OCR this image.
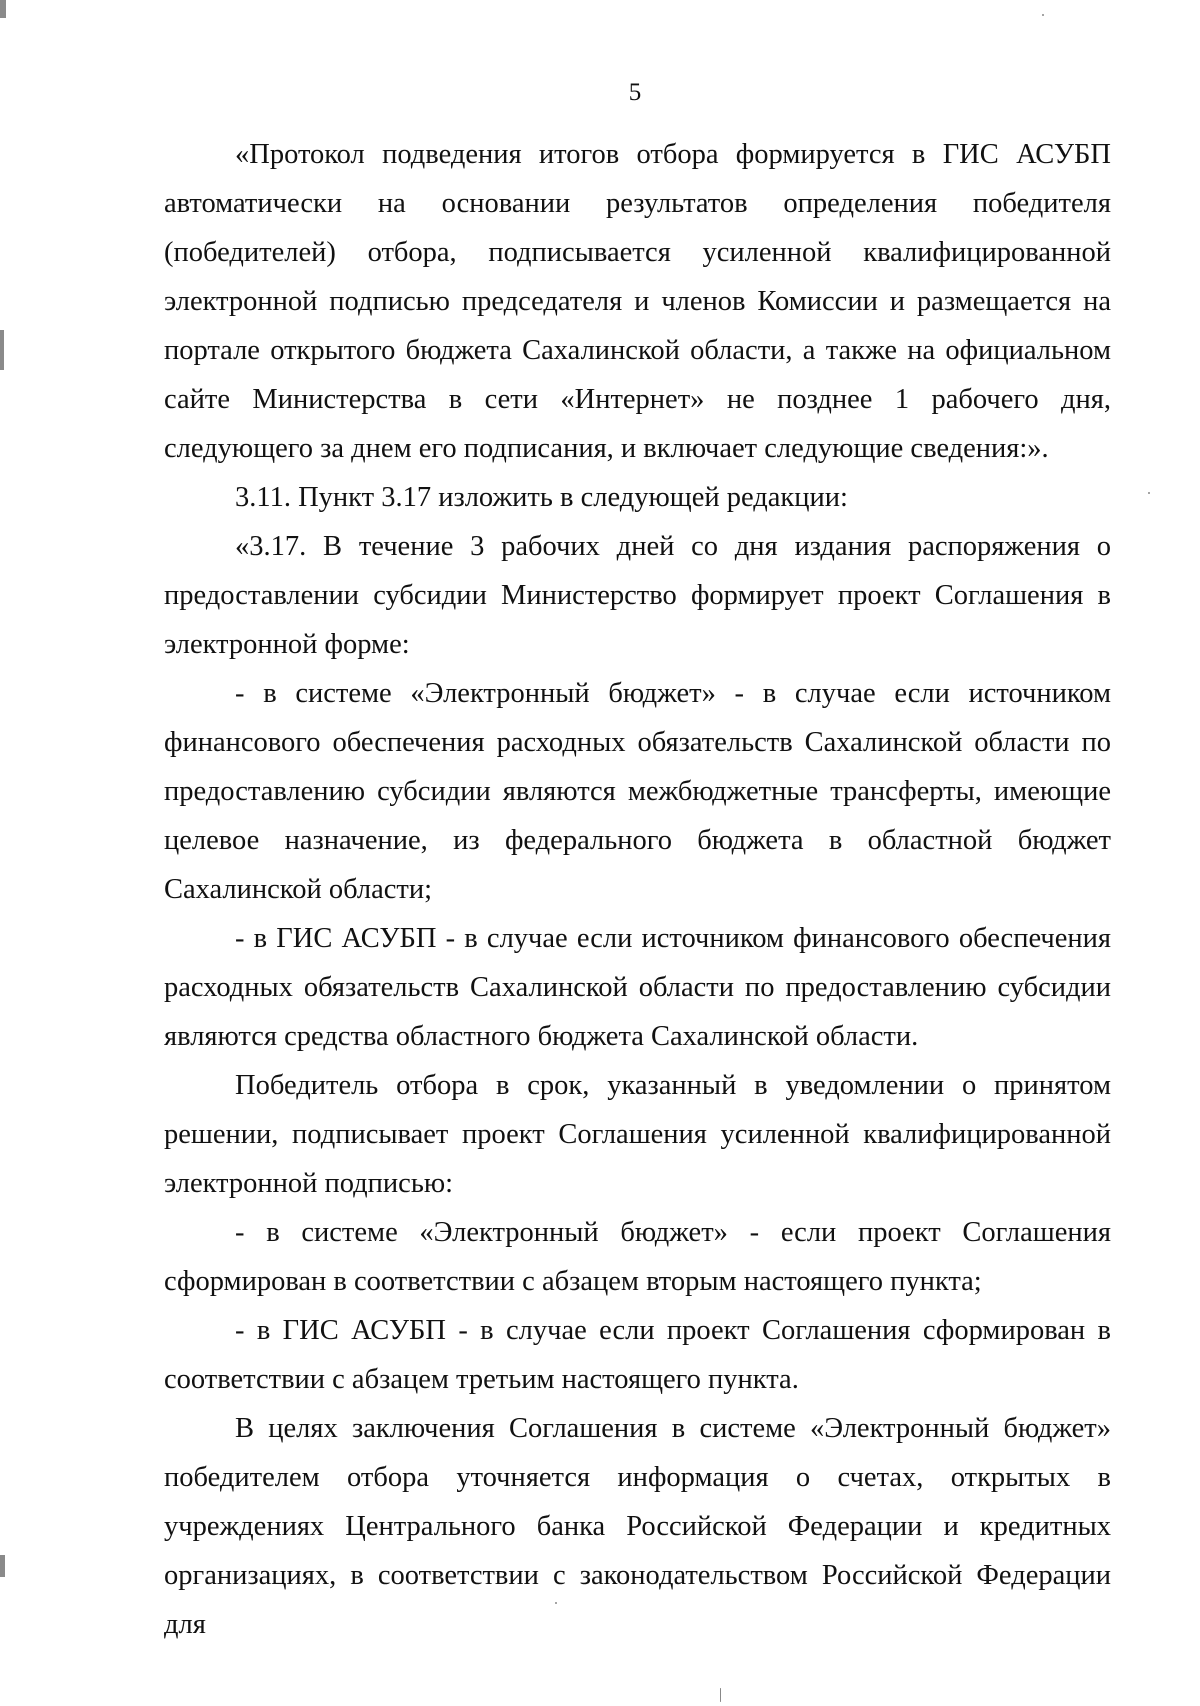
5

«Протокол подведения итогов отбора формируется в ГИС АСУБП автоматически на основании результатов определения победителя (победителей) отбора, подписывается усиленной квалифицированной электронной подписью председателя и членов Комиссии и размещается на портале открытого бюджета Сахалинской области, а также на официальном сайте Министерства в сети «Интернет» не позднее 1 рабочего дня, следующего за днем его подписания, и включает следующие сведения:».

3.11. Пункт 3.17 изложить в следующей редакции:

«3.17. В течение 3 рабочих дней со дня издания распоряжения о предоставлении субсидии Министерство формирует проект Соглашения в электронной форме:

- в системе «Электронный бюджет» - в случае если источником финансового обеспечения расходных обязательств Сахалинской области по предоставлению субсидии являются межбюджетные трансферты, имеющие целевое назначение, из федерального бюджета в областной бюджет Сахалинской области;

- в ГИС АСУБП - в случае если источником финансового обеспечения расходных обязательств Сахалинской области по предоставлению субсидии являются средства областного бюджета Сахалинской области.

Победитель отбора в срок, указанный в уведомлении о принятом решении, подписывает проект Соглашения усиленной квалифицированной электронной подписью:

- в системе «Электронный бюджет» - если проект Соглашения сформирован в соответствии с абзацем вторым настоящего пункта;

- в ГИС АСУБП - в случае если проект Соглашения сформирован в соответствии с абзацем третьим настоящего пункта.

В целях заключения Соглашения в системе «Электронный бюджет» победителем отбора уточняется информация о счетах, открытых в учреждениях Центрального банка Российской Федерации и кредитных организациях, в соответствии с законодательством Российской Федерации для
